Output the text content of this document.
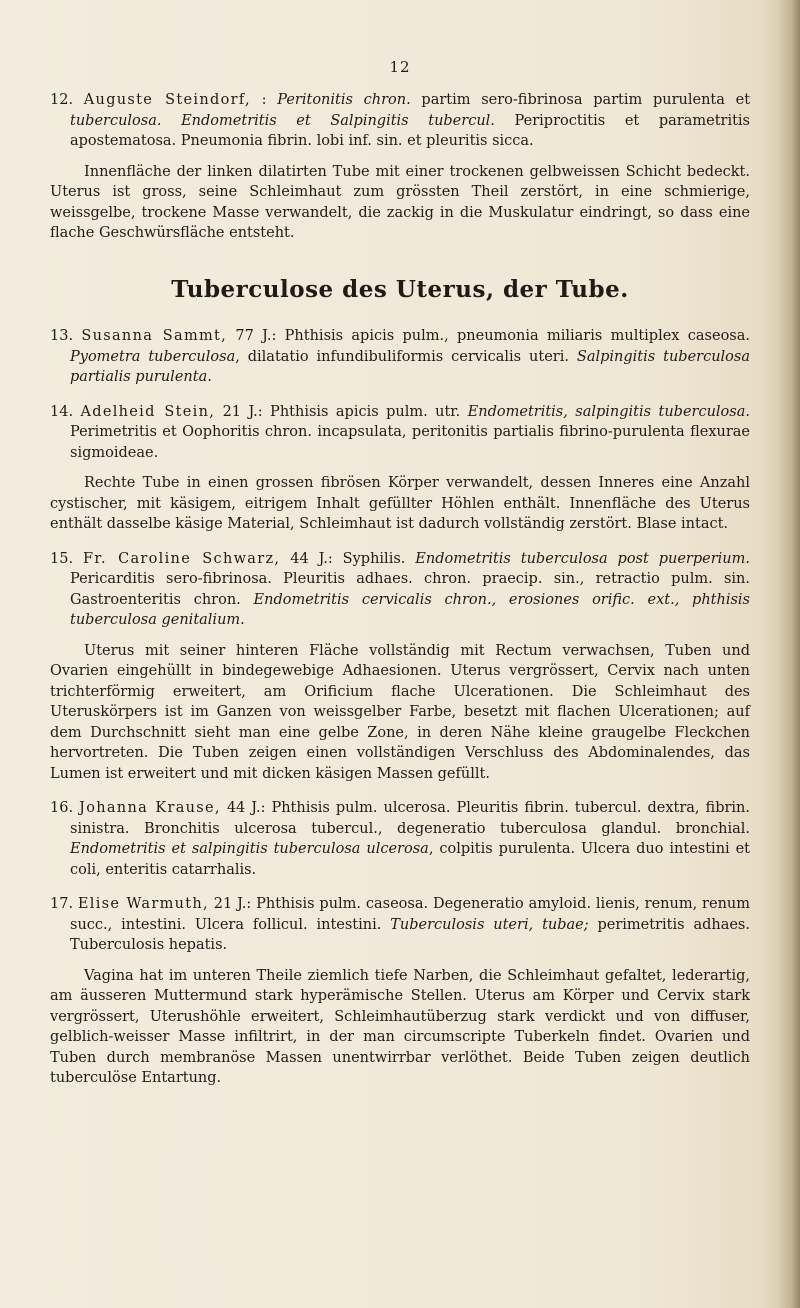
12

12. Auguste Steindorf, : Peritonitis chron. partim sero-fibrinosa partim purulenta et tuberculosa. Endometritis et Salpingitis tubercul. Periproctitis et parametritis apostematosa. Pneumonia fibrin. lobi inf. sin. et pleuritis sicca.

Innenfläche der linken dilatirten Tube mit einer trockenen gelbweissen Schicht bedeckt. Uterus ist gross, seine Schleimhaut zum grössten Theil zerstört, in eine schmierige, weissgelbe, trockene Masse verwandelt, die zackig in die Muskulatur eindringt, so dass eine flache Geschwürsfläche entsteht.

Tuberculose des Uterus, der Tube.

13. Susanna Sammt, 77 J.: Phthisis apicis pulm., pneumonia miliaris multiplex caseosa. Pyometra tuberculosa, dilatatio infundibuliformis cervicalis uteri. Salpingitis tuberculosa partialis purulenta.

14. Adelheid Stein, 21 J.: Phthisis apicis pulm. utr. Endometritis, salpingitis tuberculosa. Perimetritis et Oophoritis chron. incapsulata, peritonitis partialis fibrino-purulenta flexurae sigmoideae.

Rechte Tube in einen grossen fibrösen Körper verwandelt, dessen Inneres eine Anzahl cystischer, mit käsigem, eitrigem Inhalt gefüllter Höhlen enthält. Innenfläche des Uterus enthält dasselbe käsige Material, Schleimhaut ist dadurch vollständig zerstört. Blase intact.

15. Fr. Caroline Schwarz, 44 J.: Syphilis. Endometritis tuberculosa post puerperium. Pericarditis sero-fibrinosa. Pleuritis adhaes. chron. praecip. sin., retractio pulm. sin. Gastroenteritis chron. Endometritis cervicalis chron., erosiones orific. ext., phthisis tuberculosa genitalium.

Uterus mit seiner hinteren Fläche vollständig mit Rectum verwachsen, Tuben und Ovarien eingehüllt in bindegewebige Adhaesionen. Uterus vergrössert, Cervix nach unten trichterförmig erweitert, am Orificium flache Ulcerationen. Die Schleimhaut des Uteruskörpers ist im Ganzen von weissgelber Farbe, besetzt mit flachen Ulcerationen; auf dem Durchschnitt sieht man eine gelbe Zone, in deren Nähe kleine graugelbe Fleckchen hervortreten. Die Tuben zeigen einen vollständigen Verschluss des Abdominalendes, das Lumen ist erweitert und mit dicken käsigen Massen gefüllt.

16. Johanna Krause, 44 J.: Phthisis pulm. ulcerosa. Pleuritis fibrin. tubercul. dextra, fibrin. sinistra. Bronchitis ulcerosa tubercul., degeneratio tuberculosa glandul. bronchial. Endometritis et salpingitis tuberculosa ulcerosa, colpitis purulenta. Ulcera duo intestini et coli, enteritis catarrhalis.

17. Elise Warmuth, 21 J.: Phthisis pulm. caseosa. Degeneratio amyloid. lienis, renum, renum succ., intestini. Ulcera follicul. intestini. Tuberculosis uteri, tubae; perimetritis adhaes. Tuberculosis hepatis.

Vagina hat im unteren Theile ziemlich tiefe Narben, die Schleimhaut gefaltet, lederartig, am äusseren Muttermund stark hyperämische Stellen. Uterus am Körper und Cervix stark vergrössert, Uterushöhle erweitert, Schleimhautüberzug stark verdickt und von diffuser, gelblich-weisser Masse infiltrirt, in der man circumscripte Tuberkeln findet. Ovarien und Tuben durch membranöse Massen unentwirrbar verlöthet. Beide Tuben zeigen deutlich tuberculöse Entartung.
